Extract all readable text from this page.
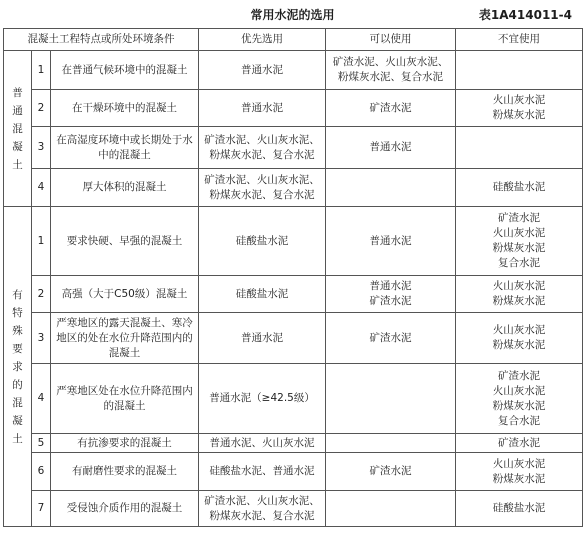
常用水泥的选用	表1A414011-4
混凝土工程特点或所处环境条件			优先选用	可以使用	不宜使用
普通混凝土	1	在普通气候环境中的混凝土	普通水泥	矿渣水泥、火山灰水泥、
粉煤灰水泥、复合水泥	

	2	在干燥环境中的混凝土	普通水泥	矿渣水泥	火山灰水泥
粉煤灰水泥

	3	在高湿度环境中或长期处于水中的混凝土	矿渣水泥、火山灰水泥、
粉煤灰水泥、复合水泥	普通水泥	

	4	厚大体积的混凝土	矿渣水泥、火山灰水泥、
粉煤灰水泥、复合水泥		硅酸盐水泥

有特殊要求的混凝土	1	要求快硬、早强的混凝土	硅酸盐水泥	普通水泥	矿渣水泥
火山灰水泥
粉煤灰水泥
复合水泥

	2	高强（大于C50级）混凝土	硅酸盐水泥	普通水泥
矿渣水泥	火山灰水泥
粉煤灰水泥

	3	严寒地区的露天混凝土、寒冷地区的处在水位升降范围内的混凝土	普通水泥	矿渣水泥	火山灰水泥
粉煤灰水泥

	4	严寒地区处在水位升降范围内的混凝土	普通水泥（≥42.5级）		矿渣水泥
火山灰水泥
粉煤灰水泥
复合水泥

	5	有抗渗要求的混凝土	普通水泥、火山灰水泥		矿渣水泥

	6	有耐磨性要求的混凝土	硅酸盐水泥、普通水泥	矿渣水泥	火山灰水泥
粉煤灰水泥

	7	受侵蚀介质作用的混凝土	矿渣水泥、火山灰水泥、
粉煤灰水泥、复合水泥		硅酸盐水泥
